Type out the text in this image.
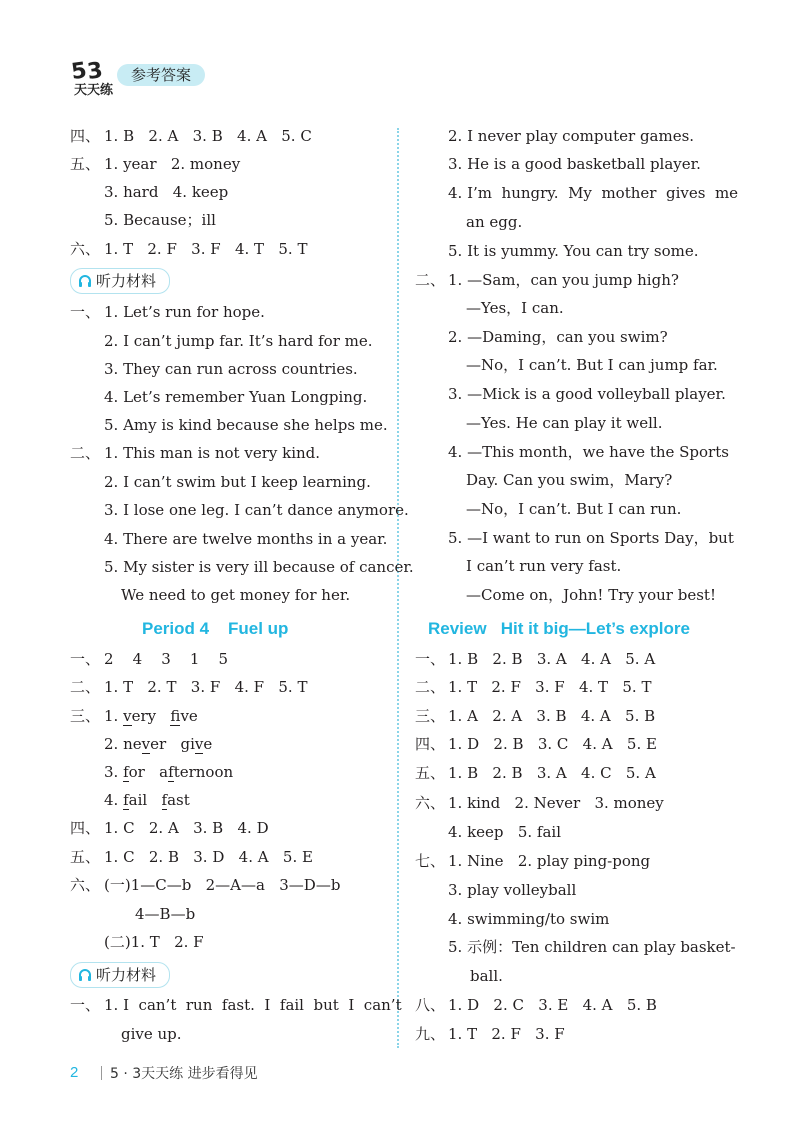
5
3
天天练
参考答案
四、 1. B   2. A   3. B   4. A   5. C
五、 1. year   2. money
3. hard   4. keep
5. Because；ill
六、 1. T   2. F   3. F   4. T   5. T
听力材料
一、 1. Let’s run for hope.
2. I can’t jump far. It’s hard for me.
3. They can run across countries.
4. Let’s remember Yuan Longping.
5. Amy is kind because she helps me.
二、 1. This man is not very kind.
2. I can’t swim but I keep learning.
3. I lose one leg. I can’t dance anymore.
4. There are twelve months in a year.
5. My sister is very ill because of cancer.
We need to get money for her.
Period 4    Fuel up
一、 2    4    3    1    5
二、 1. T   2. T   3. F   4. F   5. T
三、 1. very five
2. never give
3. for afternoon
4. fail fast
四、 1. C   2. A   3. B   4. D
五、 1. C   2. B   3. D   4. A   5. E
六、 (一)1—C—b   2—A—a   3—D—b
4—B—b
(二)1. T   2. F
听力材料
一、 1. I  can’t  run  fast.  I  fail  but  I  can’t
give up.
2. I never play computer games.
3. He is a good basketball player.
4. I’m  hungry.  My  mother  gives  me
an egg.
5. It is yummy. You can try some.
二、 1. —Sam，can you jump high?
—Yes，I can.
2. —Daming，can you swim?
—No，I can’t. But I can jump far.
3. —Mick is a good volleyball player.
—Yes. He can play it well.
4. —This month，we have the Sports
Day. Can you swim，Mary?
—No，I can’t. But I can run.
5. —I want to run on Sports Day，but
I can’t run very fast.
—Come on，John! Try your best!
Review   Hit it big—Let’s explore
一、 1. B   2. B   3. A   4. A   5. A
二、 1. T   2. F   3. F   4. T   5. T
三、 1. A   2. A   3. B   4. A   5. B
四、 1. D   2. B   3. C   4. A   5. E
五、 1. B   2. B   3. A   4. C   5. A
六、 1. kind   2. Never   3. money
4. keep   5. fail
七、 1. Nine   2. play ping-pong
3. play volleyball
4. swimming/to swim
5. 示例：Ten children can play basket-
ball.
八、 1. D   2. C   3. E   4. A   5. B
九、 1. T   2. F   3. F
2 5 · 3天天练 进步看得见
